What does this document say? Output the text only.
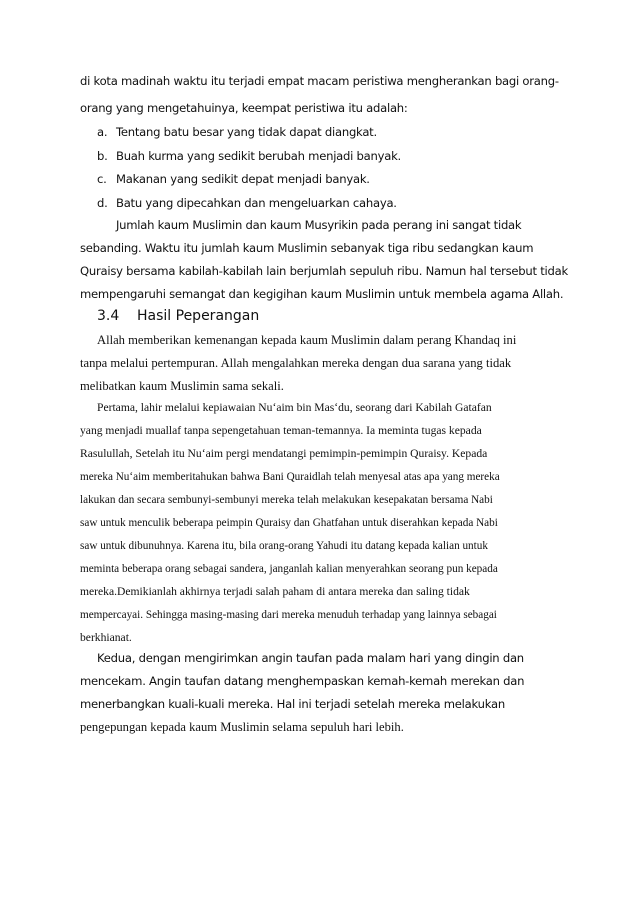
di kota madinah waktu itu terjadi empat macam peristiwa mengherankan bagi orang-
orang yang mengetahuinya, keempat peristiwa itu adalah:
a. Tentang batu besar yang tidak dapat diangkat.
b. Buah kurma yang sedikit berubah menjadi banyak.
c. Makanan yang sedikit depat menjadi banyak.
d. Batu yang dipecahkan dan mengeluarkan cahaya.
Jumlah kaum Muslimin dan kaum Musyrikin pada perang ini sangat tidak
sebanding. Waktu itu jumlah kaum Muslimin sebanyak tiga ribu sedangkan kaum
Quraisy bersama kabilah-kabilah lain berjumlah sepuluh ribu. Namun hal tersebut tidak
mempengaruhi semangat dan kegigihan kaum Muslimin untuk membela agama Allah.
3.4 Hasil Peperangan
Allah memberikan kemenangan kepada kaum Muslimin dalam perang Khandaq ini
tanpa melalui pertempuran. Allah mengalahkan mereka dengan dua sarana yang tidak
melibatkan kaum Muslimin sama sekali.
Pertama, lahir melalui kepiawaian Nu‘aim bin Mas‘du, seorang dari Kabilah Gatafan
yang menjadi muallaf tanpa sepengetahuan teman-temannya. Ia meminta tugas kepada
Rasulullah, Setelah itu Nu‘aim pergi mendatangi pemimpin-pemimpin Quraisy. Kepada
mereka Nu‘aim memberitahukan bahwa Bani Quraidlah telah menyesal atas apa yang mereka
lakukan dan secara sembunyi-sembunyi mereka telah melakukan kesepakatan bersama Nabi
saw untuk menculik beberapa peimpin Quraisy dan Ghatfahan untuk diserahkan kepada Nabi
saw untuk dibunuhnya. Karena itu, bila orang-orang Yahudi itu datang kepada kalian untuk
meminta beberapa orang sebagai sandera, janganlah kalian menyerahkan seorang pun kepada
mereka.Demikianlah akhirnya terjadi salah paham di antara mereka dan saling tidak
mempercayai. Sehingga masing-masing dari mereka menuduh terhadap yang lainnya sebagai
berkhianat.
Kedua, dengan mengirimkan angin taufan pada malam hari yang dingin dan
mencekam. Angin taufan datang menghempaskan kemah-kemah merekan dan
menerbangkan kuali-kuali mereka. Hal ini terjadi setelah mereka melakukan
pengepungan kepada kaum Muslimin selama sepuluh hari lebih.
